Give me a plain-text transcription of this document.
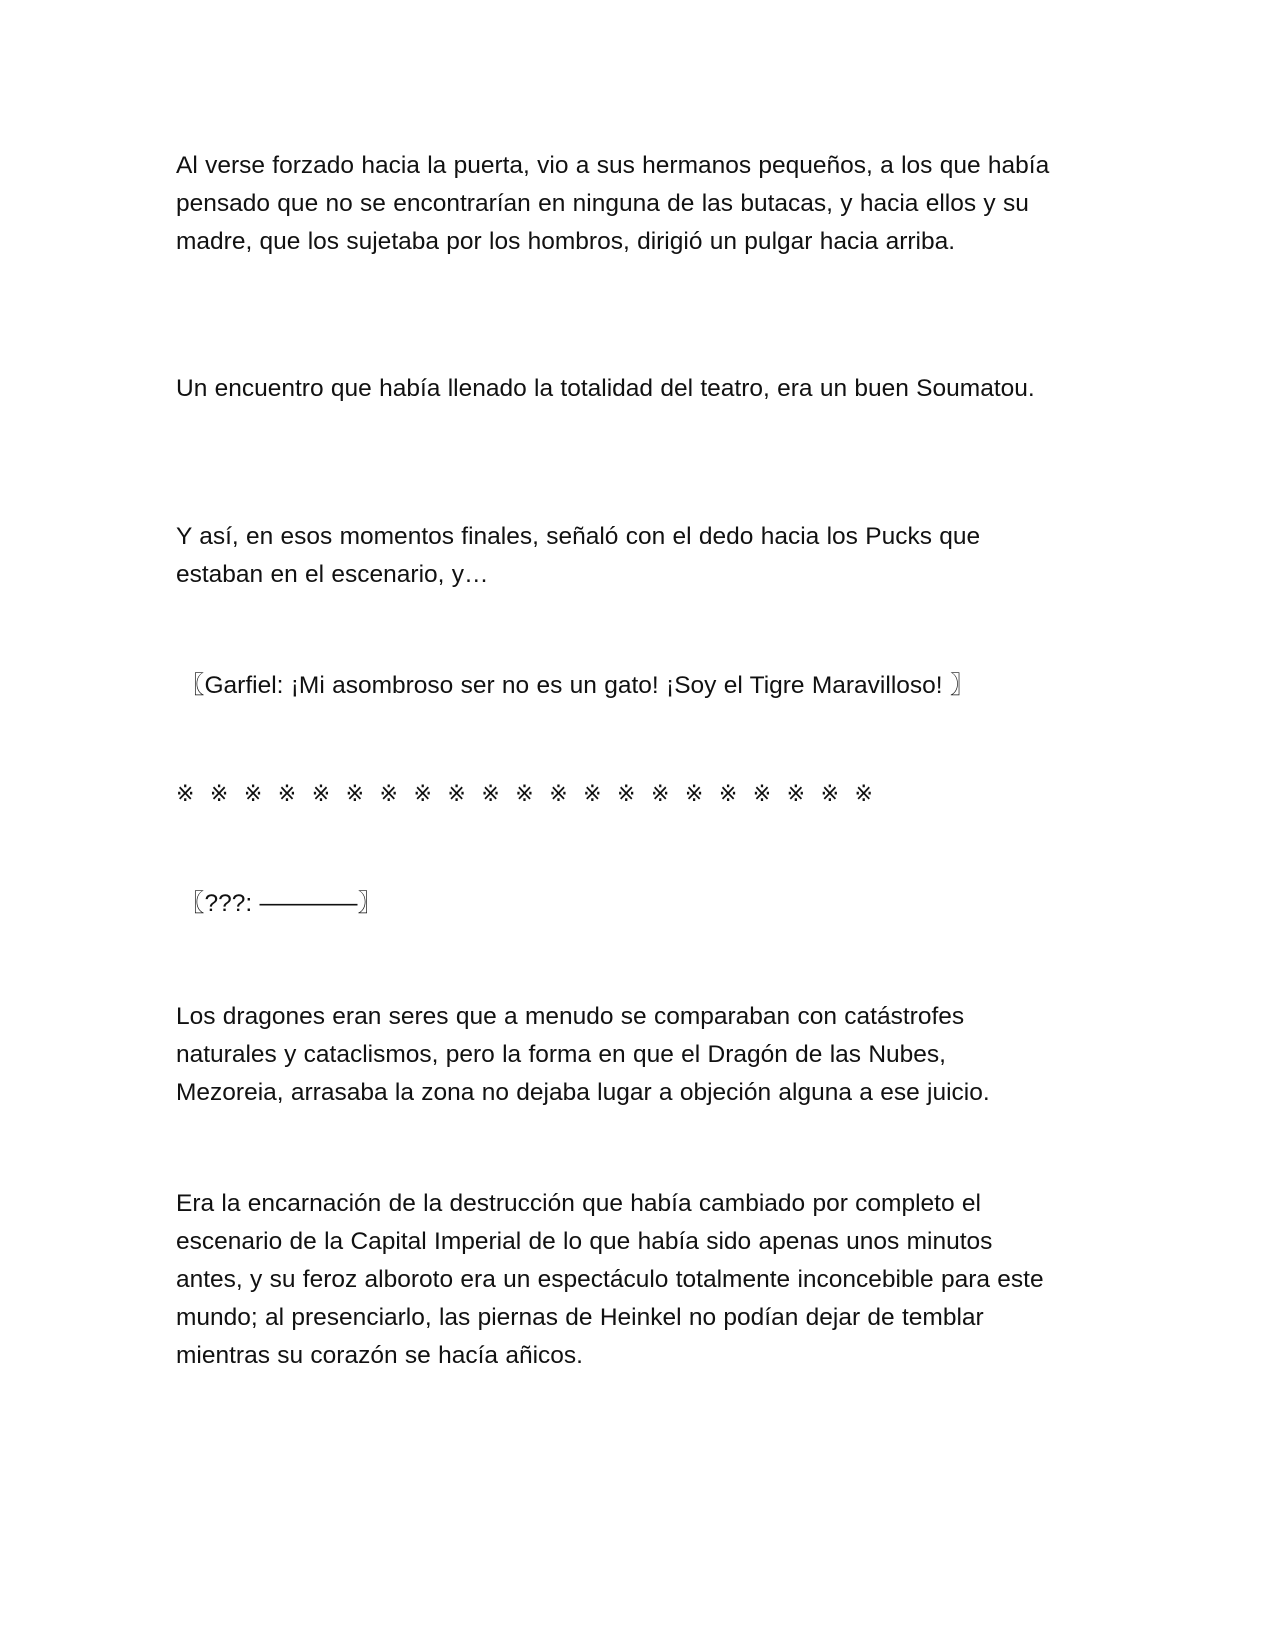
Al verse forzado hacia la puerta, vio a sus hermanos pequeños, a los que había pensado que no se encontrarían en ninguna de las butacas, y hacia ellos y su madre, que los sujetaba por los hombros, dirigió un pulgar hacia arriba.

Un encuentro que había llenado la totalidad del teatro, era un buen Soumatou.

Y así, en esos momentos finales, señaló con el dedo hacia los Pucks que estaban en el escenario, y…

〖Garfiel: ¡Mi asombroso ser no es un gato! ¡Soy el Tigre Maravilloso! 〗

※ ※ ※ ※ ※ ※ ※ ※ ※ ※ ※ ※ ※ ※ ※ ※ ※ ※ ※ ※ ※

〖???: ————〗

Los dragones eran seres que a menudo se comparaban con catástrofes naturales y cataclismos, pero la forma en que el Dragón de las Nubes, Mezoreia, arrasaba la zona no dejaba lugar a objeción alguna a ese juicio.

Era la encarnación de la destrucción que había cambiado por completo el escenario de la Capital Imperial de lo que había sido apenas unos minutos antes, y su feroz alboroto era un espectáculo totalmente inconcebible para este mundo; al presenciarlo, las piernas de Heinkel no podían dejar de temblar mientras su corazón se hacía añicos.
